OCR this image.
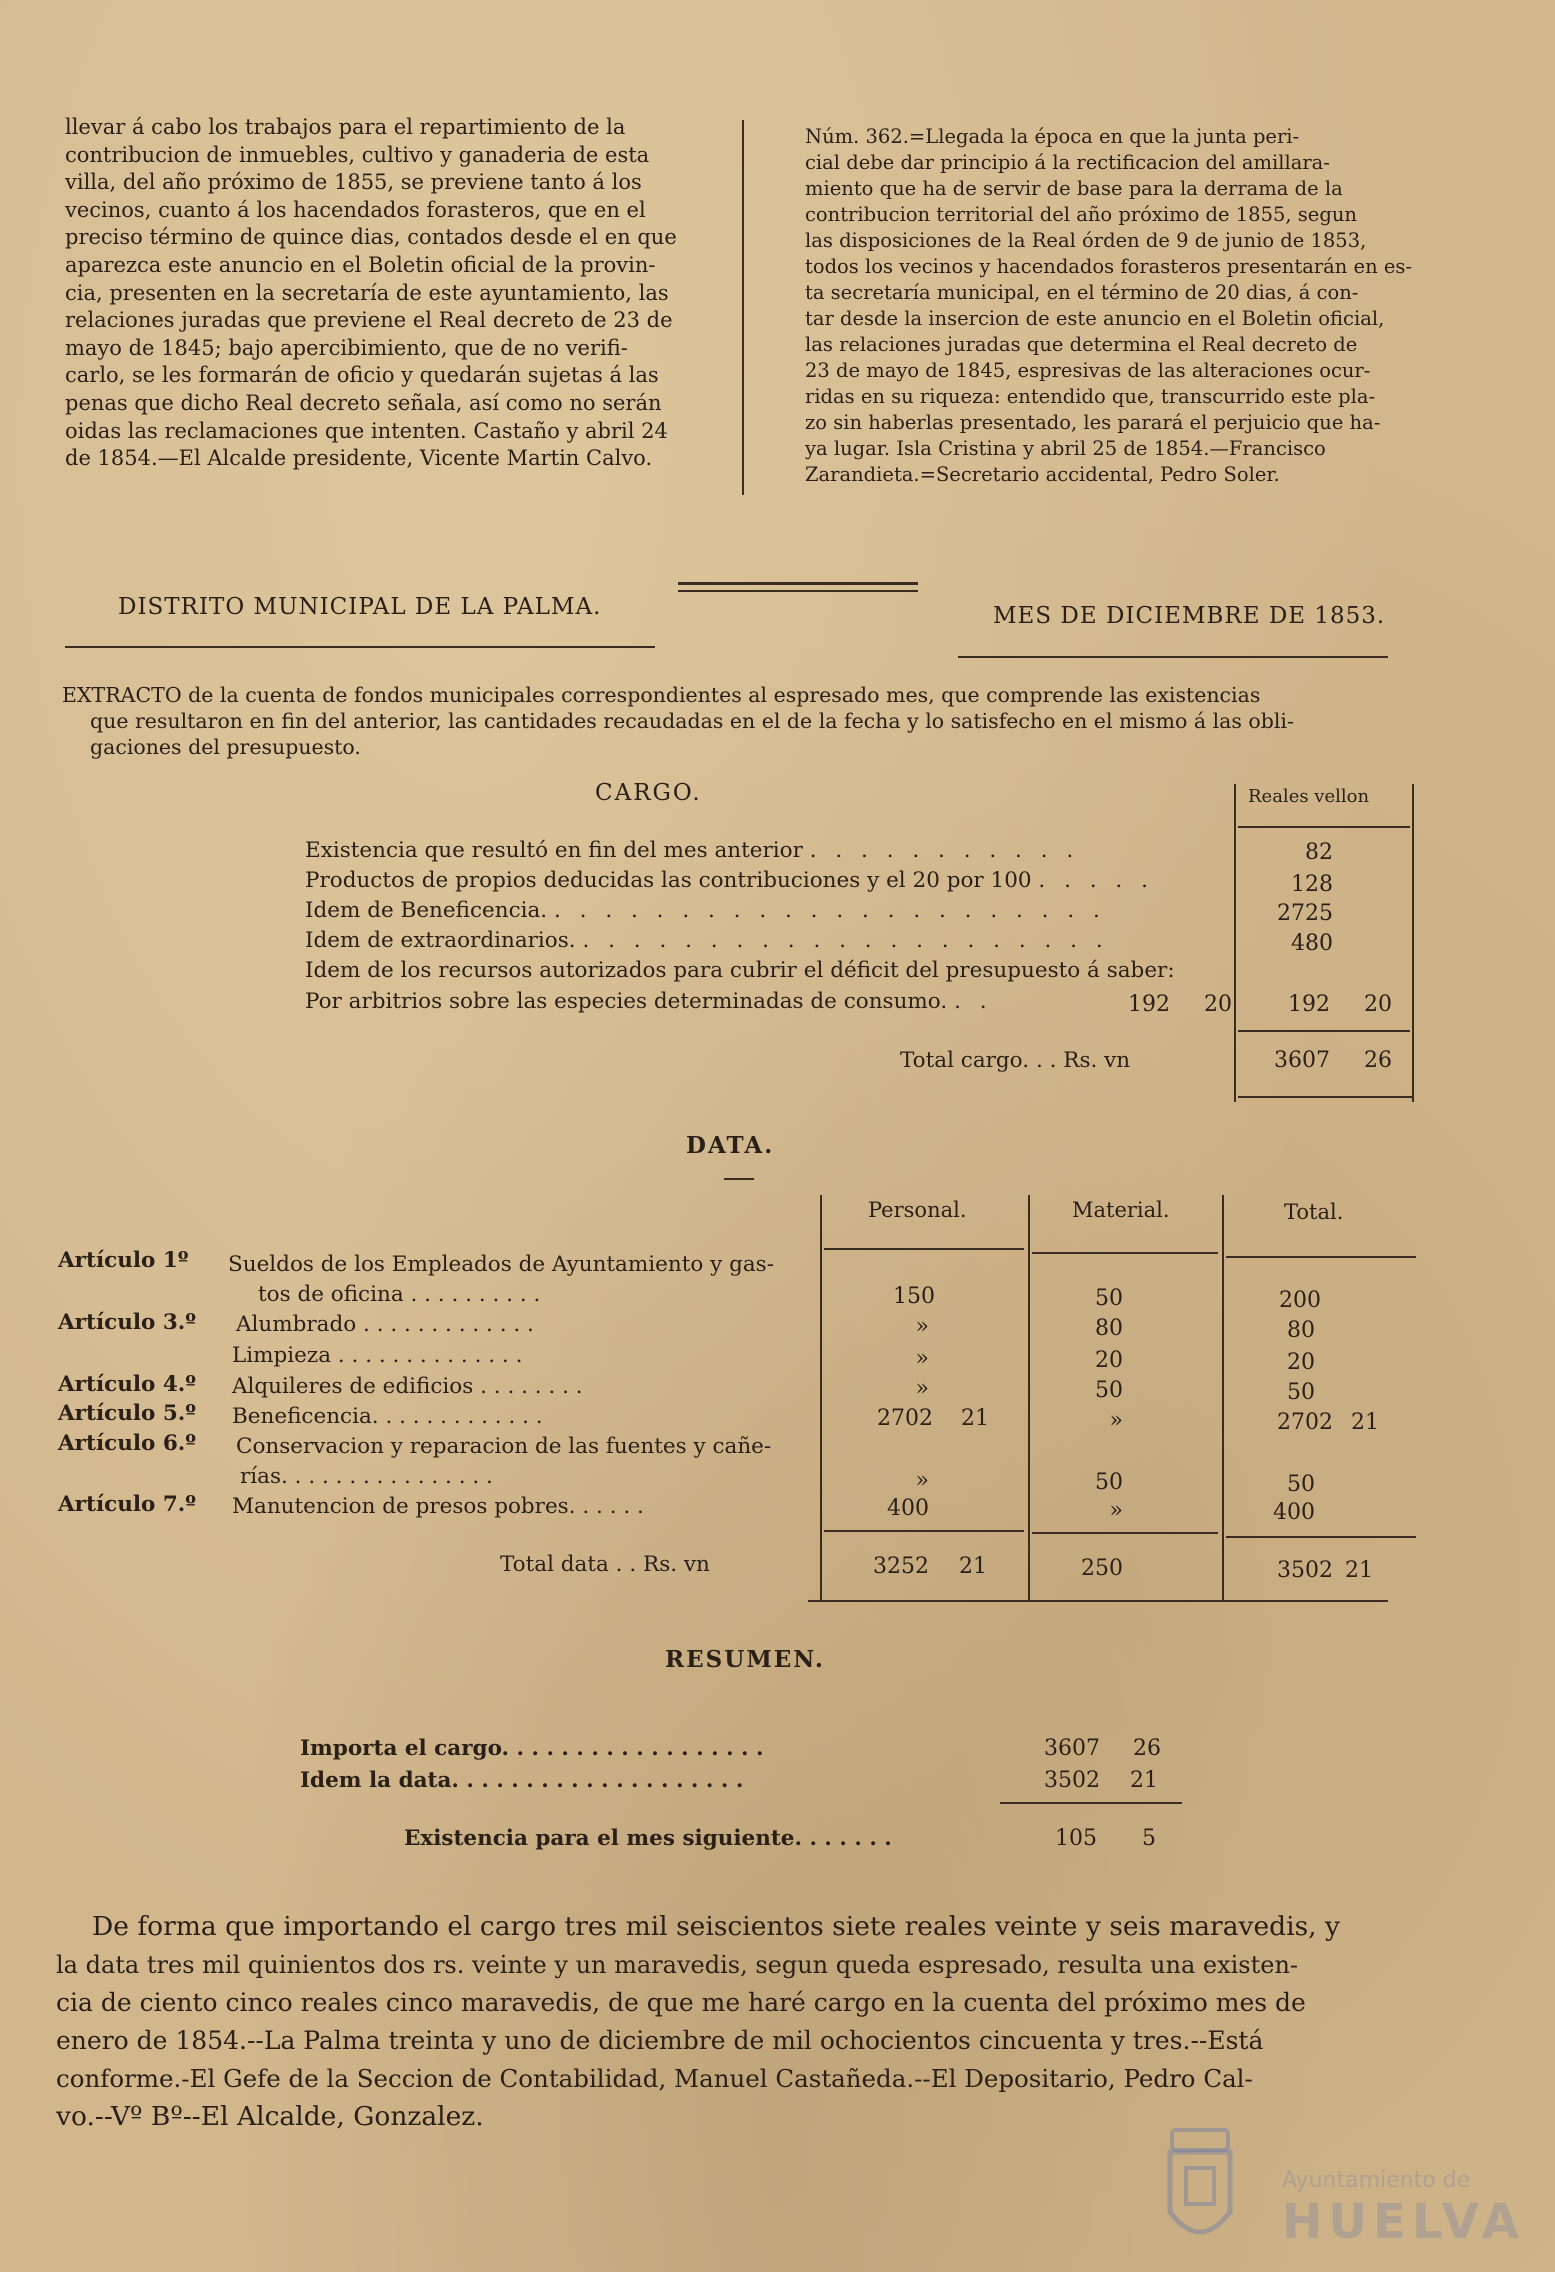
llevar á cabo los trabajos para el repartimiento de la
contribucion de inmuebles, cultivo y ganaderia de esta
villa, del año próximo de 1855, se previene tanto á los
vecinos, cuanto á los hacendados forasteros, que en el
preciso término de quince dias, contados desde el en que
aparezca este anuncio en el Boletin oficial de la provin-
cia, presenten en la secretaría de este ayuntamiento, las
relaciones juradas que previene el Real decreto de 23 de
mayo de 1845; bajo apercibimiento, que de no verifi-
carlo, se les formarán de oficio y quedarán sujetas á las
penas que dicho Real decreto señala, así como no serán
oidas las reclamaciones que intenten. Castaño y abril 24
de 1854.—El Alcalde presidente, Vicente Martin Calvo.
Núm. 362.=Llegada la época en que la junta peri-
cial debe dar principio á la rectificacion del amillara-
miento que ha de servir de base para la derrama de la
contribucion territorial del año próximo de 1855, segun
las disposiciones de la Real órden de 9 de junio de 1853,
todos los vecinos y hacendados forasteros presentarán en es-
ta secretaría municipal, en el término de 20 dias, á con-
tar desde la insercion de este anuncio en el Boletin oficial,
las relaciones juradas que determina el Real decreto de
23 de mayo de 1845, espresivas de las alteraciones ocur-
ridas en su riqueza: entendido que, transcurrido este pla-
zo sin haberlas presentado, les parará el perjuicio que ha-
ya lugar. Isla Cristina y abril 25 de 1854.—Francisco
Zarandieta.=Secretario accidental, Pedro Soler.
DISTRITO MUNICIPAL DE LA PALMA.	MES DE DICIEMBRE DE 1853.
EXTRACTO de la cuenta de fondos municipales correspondientes al espresado mes, que comprende las existencias
que resultaron en fin del anterior, las cantidades recaudadas en el de la fecha y lo satisfecho en el mismo á las obli-
gaciones del presupuesto.
CARGO.	Reales vellon
Existencia que resultó en fin del mes anterior . . . . . . . . . . .	82
Productos de propios deducidas las contribuciones y el 20 por 100 . . . . .	128
Idem de Beneficencia. . . . . . . . . . . . . . . . . . . . . . .	2725
Idem de extraordinarios. . . . . . . . . . . . . . . . . . . . . .	480
Idem de los recursos autorizados para cubrir el déficit del presupuesto á saber:
Por arbitrios sobre las especies determinadas de consumo. . .	192 20	192 20
Total cargo. . . Rs. vn	3607 26
DATA.
Personal.	Material.	Total.
Artículo 1º Sueldos de los Empleados de Ayuntamiento y gas-
tos de oficina . . . . . . . . . .	150	50	200
Artículo 3.º Alumbrado . . . . . . . . . . . . .	»	80	80
Limpieza . . . . . . . . . . . . . .	»	20	20
Artículo 4.º Alquileres de edificios . . . . . . . .	»	50	50
Artículo 5.º Beneficencia. . . . . . . . . . . . .	2702 21	»	2702 21
Artículo 6.º Conservacion y reparacion de las fuentes y cañe-
rías. . . . . . . . . . . . . . . .	»	50	50
Artículo 7.º Manutencion de presos pobres. . . . . .	400	»	400
Total data . . Rs. vn	3252 21	250	3502 21
RESUMEN.
Importa el cargo. . . . . . . . . . . . . . . . . .	3607 26
Idem la data. . . . . . . . . . . . . . . . . . . .	3502 21
Existencia para el mes siguiente. . . . . . .	105 5
De forma que importando el cargo tres mil seiscientos siete reales veinte y seis maravedis, y
la data tres mil quinientos dos rs. veinte y un maravedis, segun queda espresado, resulta una existen-
cia de ciento cinco reales cinco maravedis, de que me haré cargo en la cuenta del próximo mes de
enero de 1854.--La Palma treinta y uno de diciembre de mil ochocientos cincuenta y tres.--Está
conforme.-El Gefe de la Seccion de Contabilidad, Manuel Castañeda.--El Depositario, Pedro Cal-
vo.--Vº Bº--El Alcalde, Gonzalez.
Ayuntamiento de
HUELVA
